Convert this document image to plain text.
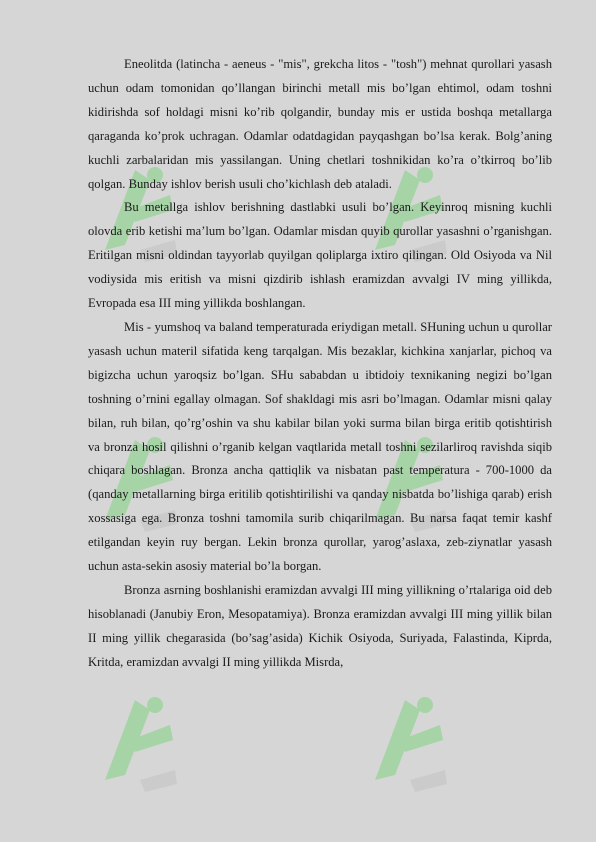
Eneolitda (latincha - aeneus - "mis", grekcha litos - "tosh") mehnat qurollari yasash uchun odam tomonidan qo’llangan birinchi metall mis bo’lgan ehtimol, odam toshni kidirishda sof holdagi misni ko’rib qolgandir, bunday mis er ustida boshqa metallarga qaraganda ko’prok uchragan. Odamlar odatdagidan payqashgan bo’lsa kerak. Bolg’aning kuchli zarbalaridan mis yassilangan. Uning chetlari toshnikidan ko’ra o’tkirroq bo’lib qolgan. Bunday ishlov berish usuli cho’kichlash deb ataladi.

Bu metallga ishlov berishning dastlabki usuli bo’lgan. Keyinroq misning kuchli olovda erib ketishi ma’lum bo’lgan. Odamlar misdan quyib qurollar yasashni o’rganishgan. Eritilgan misni oldindan tayyorlab quyilgan qoliplarga ixtiro qilingan. Old Osiyoda va Nil vodiysida mis eritish va misni qizdirib ishlash eramizdan avvalgi IV ming yillikda, Evropada esa III ming yillikda boshlangan.

Mis - yumshoq va baland temperaturada eriydigan metall. SHuning uchun u qurollar yasash uchun materil sifatida keng tarqalgan. Mis bezaklar, kichkina xanjarlar, pichoq va bigizcha uchun yaroqsiz bo’lgan. SHu sababdan u ibtidoiy texnikaning negizi bo’lgan toshning o’rnini egallay olmagan. Sof shakldagi mis asri bo’lmagan. Odamlar misni qalay bilan, ruh bilan, qo’rg’oshin va shu kabilar bilan yoki surma bilan birga eritib qotishtirish va bronza hosil qilishni o’rganib kelgan vaqtlarida metall toshni sezilarliroq ravishda siqib chiqara boshlagan. Bronza ancha qattiqlik va nisbatan past temperatura - 700-1000 da (qanday metallarning birga eritilib qotishtirilishi va qanday nisbatda bo’lishiga qarab) erish xossasiga ega. Bronza toshni tamomila surib chiqarilmagan. Bu narsa faqat temir kashf etilgandan keyin ruy bergan. Lekin bronza qurollar, yarog’aslaxa, zeb-ziynatlar yasash uchun asta-sekin asosiy material bo’la borgan.

Bronza asrning boshlanishi eramizdan avvalgi III ming yillikning o’rtalariga oid deb hisoblanadi (Janubiy Eron, Mesopatamiya). Bronza eramizdan avvalgi III ming yillik bilan II ming yillik chegarasida (bo’sag’asida) Kichik Osiyoda, Suriyada, Falastinda, Kiprda, Kritda, eramizdan avvalgi II ming yillikda Misrda,
